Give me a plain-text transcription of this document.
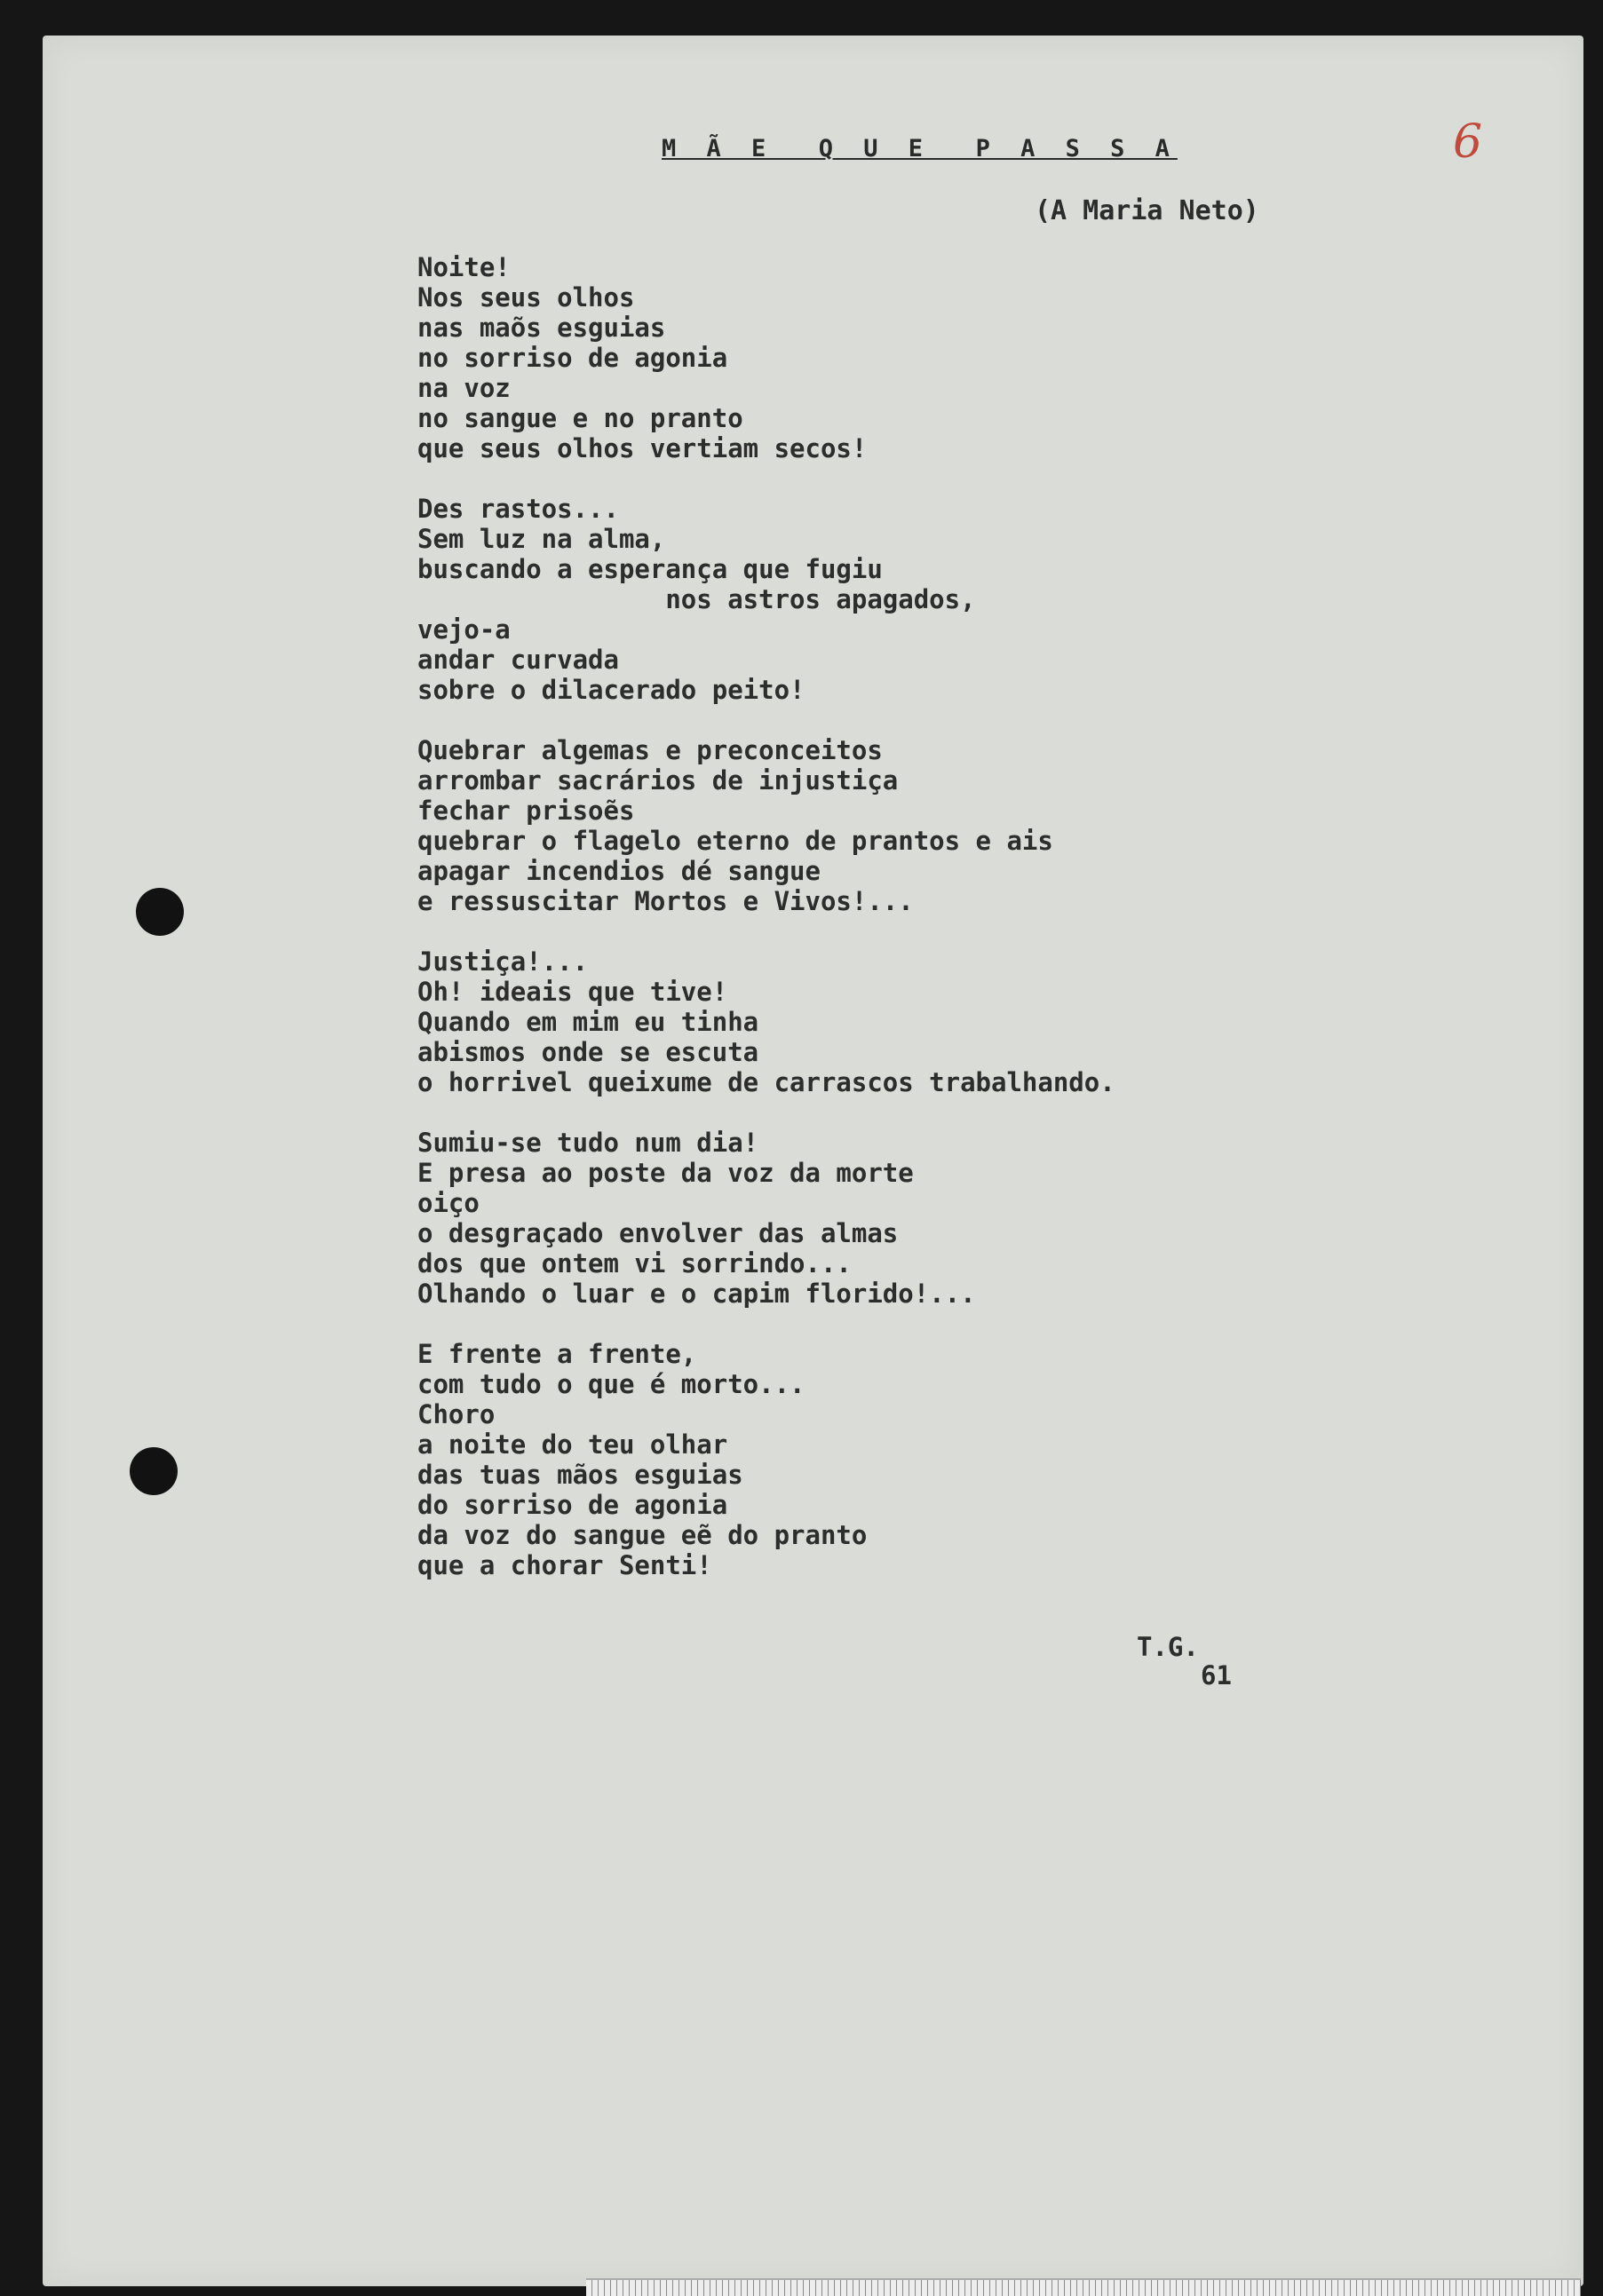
6
M Ã E  Q U E  P A S S A
(A Maria Neto)
Noite!
Nos seus olhos
nas maõs esguias
no sorriso de agonia
na voz
no sangue e no pranto
que seus olhos vertiam secos!
Des rastos...
Sem luz na alma,
buscando a esperança que fugiu
nos astros apagados,
vejo-a
andar curvada
sobre o dilacerado peito!
Quebrar algemas e preconceitos
arrombar sacrários de injustiça
fechar prisoẽs
quebrar o flagelo eterno de prantos e ais
apagar incendios dé sangue
e ressuscitar Mortos e Vivos!...
Justiça!...
Oh! ideais que tive!
Quando em mim eu tinha
abismos onde se escuta
o horrivel queixume de carrascos trabalhando.
Sumiu-se tudo num dia!
E presa ao poste da voz da morte
oiço
o desgraçado envolver das almas
dos que ontem vi sorrindo...
Olhando o luar e o capim florido!...
E frente a frente,
com tudo o que é morto...
Choro
a noite do teu olhar
das tuas mãos esguias
do sorriso de agonia
da voz do sangue eẽ do pranto
que a chorar Senti!
T.G.
61
